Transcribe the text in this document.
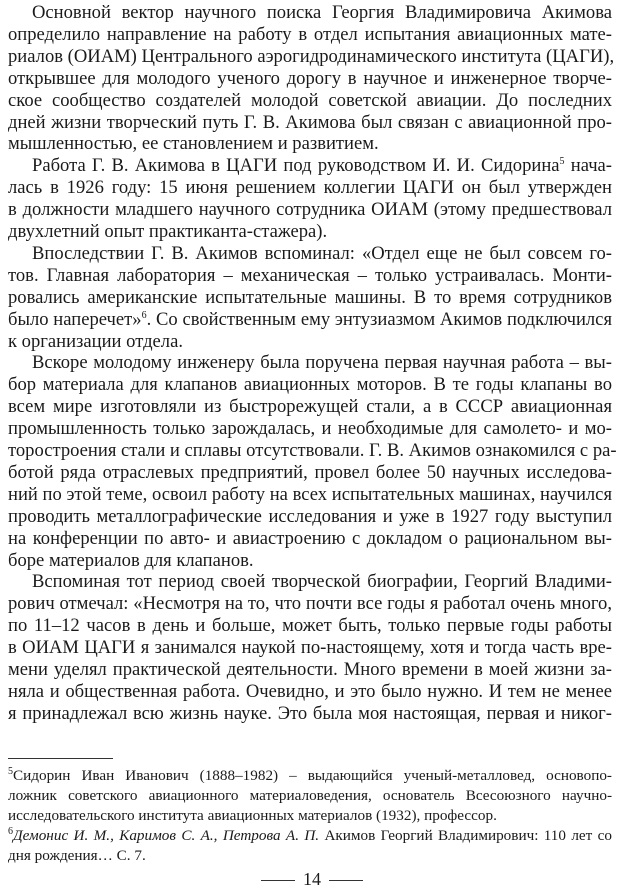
Основной вектор научного поиска Георгия Владимировича Акимова
определило направление на работу в отдел испытания авиационных мате-
риалов (ОИАМ) Центрального аэрогидродинамического института (ЦАГИ),
открывшее для молодого ученого дорогу в научное и инженерное творче-
ское сообщество создателей молодой советской авиации. До последних
дней жизни творческий путь Г. В. Акимова был связан с авиационной про-
мышленностью, ее становлением и развитием.
Работа Г. В. Акимова в ЦАГИ под руководством И. И. Сидорина$^5$ нача-
лась в 1926 году: 15 июня решением коллегии ЦАГИ он был утвержден
в должности младшего научного сотрудника ОИАМ (этому предшествовал
двухлетний опыт практиканта-стажера).
Впоследствии Г. В. Акимов вспоминал: «Отдел еще не был совсем го-
тов. Главная лаборатория – механическая – только устраивалась. Монти-
ровались американские испытательные машины. В то время сотрудников
было наперечет»$^6$. Со свойственным ему энтузиазмом Акимов подключился
к организации отдела.
Вскоре молодому инженеру была поручена первая научная работа – вы-
бор материала для клапанов авиационных моторов. В те годы клапаны во
всем мире изготовляли из быстрорежущей стали, а в СССР авиационная
промышленность только зарождалась, и необходимые для самолето- и мо-
торостроения стали и сплавы отсутствовали. Г. В. Акимов ознакомился с ра-
ботой ряда отраслевых предприятий, провел более 50 научных исследова-
ний по этой теме, освоил работу на всех испытательных машинах, научился
проводить металлографические исследования и уже в 1927 году выступил
на конференции по авто- и авиастроению с докладом о рациональном вы-
боре материалов для клапанов.
Вспоминая тот период своей творческой биографии, Георгий Владими-
рович отмечал: «Несмотря на то, что почти все годы я работал очень много,
по 11–12 часов в день и больше, может быть, только первые годы работы
в ОИАМ ЦАГИ я занимался наукой по-настоящему, хотя и тогда часть вре-
мени уделял практической деятельности. Много времени в моей жизни за-
няла и общественная работа. Очевидно, и это было нужно. И тем не менее
я принадлежал всю жизнь науке. Это была моя настоящая, первая и никог-
$^5$Сидорин Иван Иванович (1888–1982) – выдающийся ученый-металловед, основопо-
ложник советского авиационного материаловедения, основатель Всесоюзного научно-
исследовательского института авиационных материалов (1932), профессор.
$^6$Демонис И. М., Каримов С. А., Петрова А. П. Акимов Георгий Владимирович: 110 лет со
дня рождения… С. 7.
14
